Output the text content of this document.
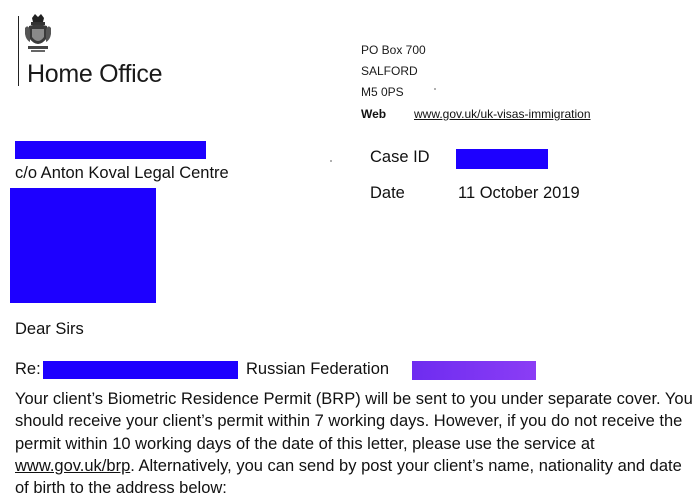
Home Office
PO Box 700
SALFORD
M5 0PS
Web www.gov.uk/uk-visas-immigration
c/o Anton Koval Legal Centre
Case ID
Date	11 October 2019
Dear Sirs
Re:	Russian Federation
Your client’s Biometric Residence Permit (BRP) will be sent to you under separate cover. You should receive your client’s permit within 7 working days. However, if you do not receive the permit within 10 working days of the date of this letter, please use the service at www.gov.uk/brp. Alternatively, you can send by post your client’s name, nationality and date of birth to the address below:
